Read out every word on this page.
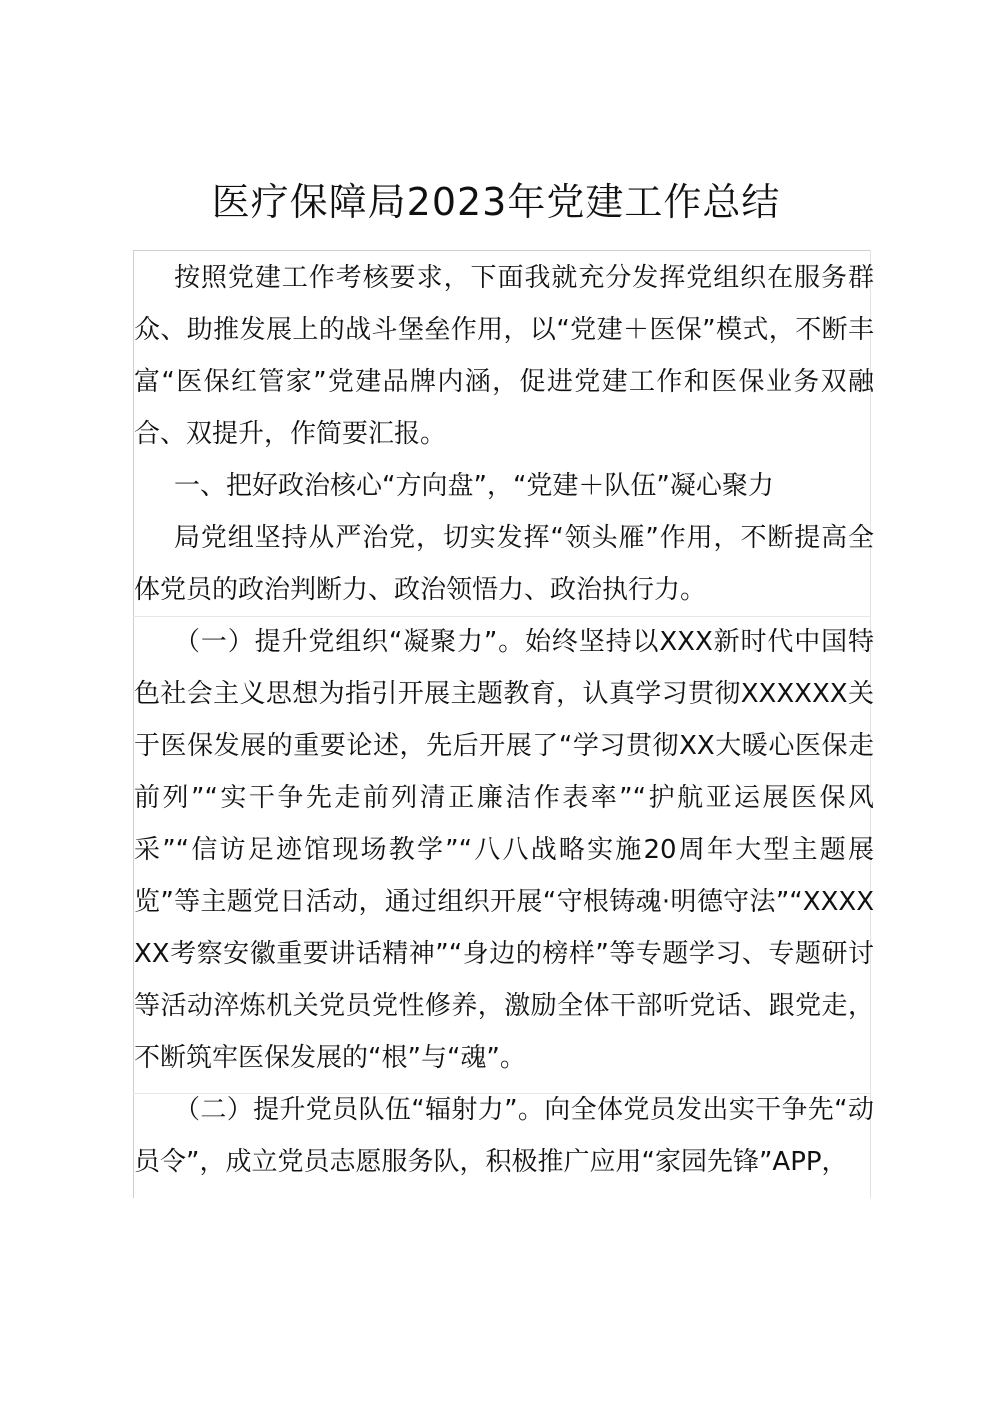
医疗保障局2023年党建工作总结

按照党建工作考核要求，下面我就充分发挥党组织在服务群众、助推发展上的战斗堡垒作用，以“党建＋医保”模式，不断丰富“医保红管家”党建品牌内涵，促进党建工作和医保业务双融合、双提升，作简要汇报。

一、把好政治核心“方向盘”，“党建＋队伍”凝心聚力

局党组坚持从严治党，切实发挥“领头雁”作用，不断提高全体党员的政治判断力、政治领悟力、政治执行力。

（一）提升党组织“凝聚力”。始终坚持以XXX新时代中国特色社会主义思想为指引开展主题教育，认真学习贯彻XXXXXX关于医保发展的重要论述，先后开展了“学习贯彻XX大暖心医保走前列”“实干争先走前列清正廉洁作表率”“护航亚运展医保风采”“信访足迹馆现场教学”“八八战略实施20周年大型主题展览”等主题党日活动，通过组织开展“守根铸魂·明德守法”“XXXXXX考察安徽重要讲话精神”“身边的榜样”等专题学习、专题研讨等活动淬炼机关党员党性修养，激励全体干部听党话、跟党走，不断筑牢医保发展的“根”与“魂”。

（二）提升党员队伍“辐射力”。向全体党员发出实干争先“动员令”，成立党员志愿服务队，积极推广应用“家园先锋”APP，
